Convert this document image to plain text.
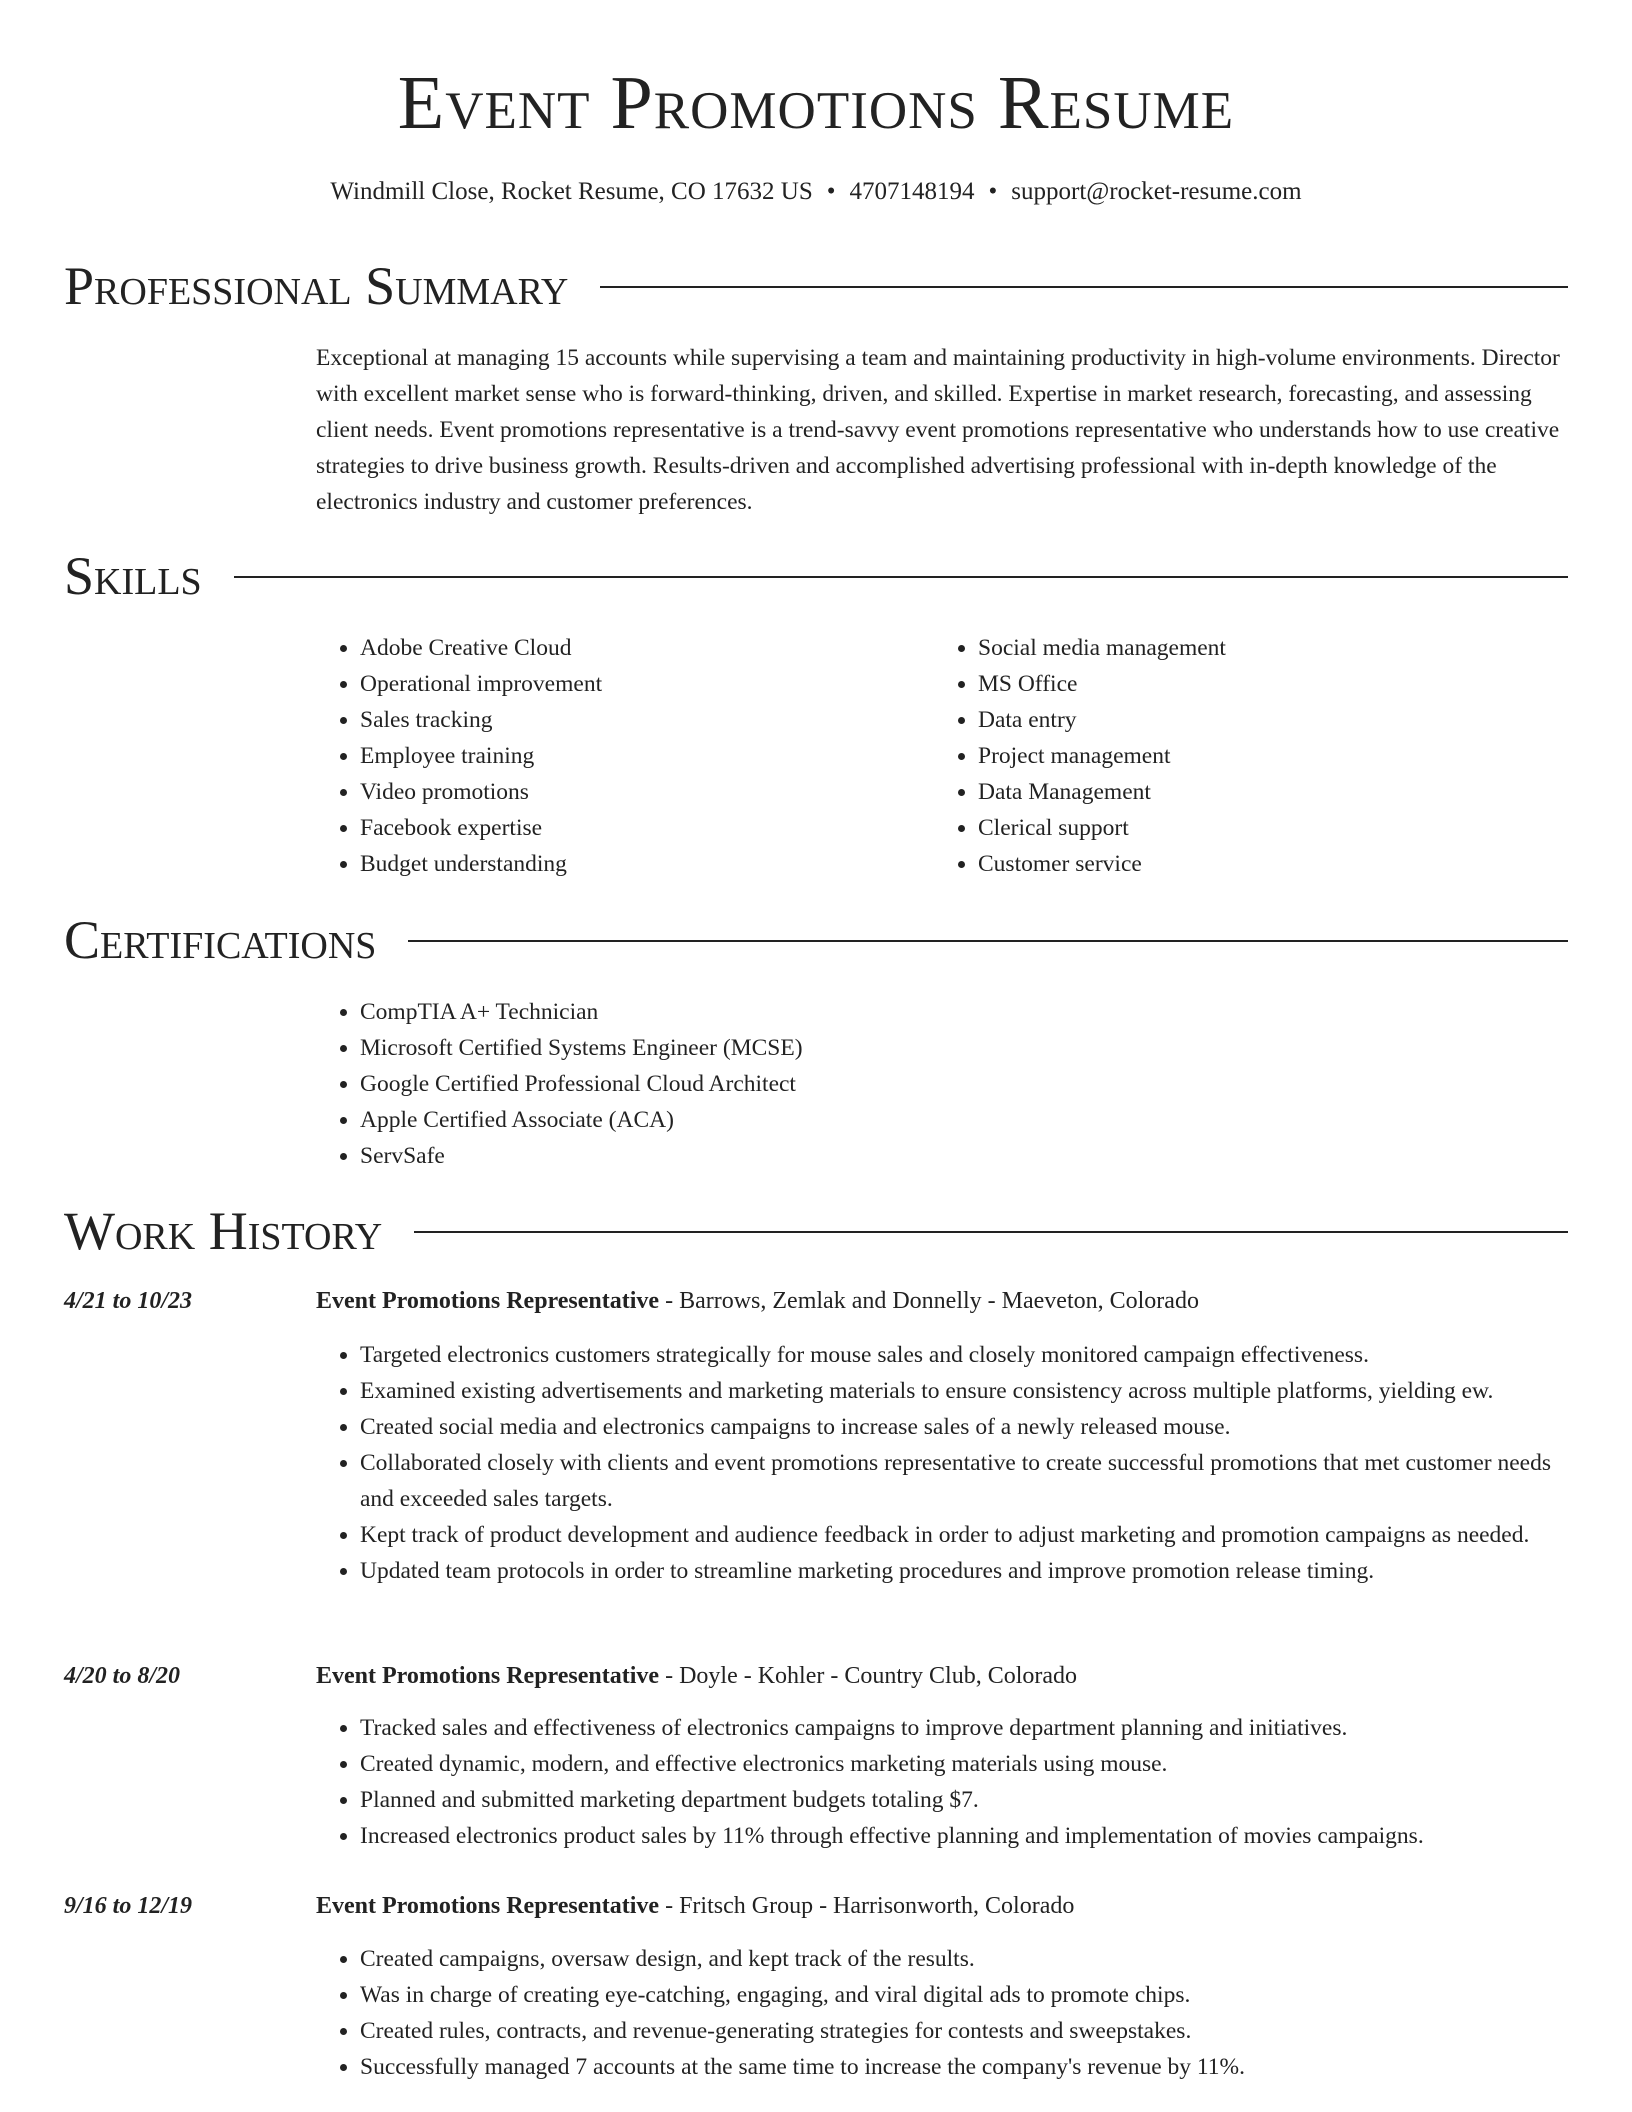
Event Promotions Resume
Windmill Close, Rocket Resume, CO 17632 US • 4707148194 • support@rocket-resume.com
Professional Summary
Exceptional at managing 15 accounts while supervising a team and maintaining productivity in high-volume environments. Director with excellent market sense who is forward-thinking, driven, and skilled. Expertise in market research, forecasting, and assessing client needs. Event promotions representative is a trend-savvy event promotions representative who understands how to use creative strategies to drive business growth. Results-driven and accomplished advertising professional with in-depth knowledge of the electronics industry and customer preferences.
Skills
• Adobe Creative Cloud
• Operational improvement
• Sales tracking
• Employee training
• Video promotions
• Facebook expertise
• Budget understanding
• Social media management
• MS Office
• Data entry
• Project management
• Data Management
• Clerical support
• Customer service
Certifications
• CompTIA A+ Technician
• Microsoft Certified Systems Engineer (MCSE)
• Google Certified Professional Cloud Architect
• Apple Certified Associate (ACA)
• ServSafe
Work History
4/21 to 10/23	Event Promotions Representative - Barrows, Zemlak and Donnelly - Maeveton, Colorado
• Targeted electronics customers strategically for mouse sales and closely monitored campaign effectiveness.
• Examined existing advertisements and marketing materials to ensure consistency across multiple platforms, yielding ew.
• Created social media and electronics campaigns to increase sales of a newly released mouse.
• Collaborated closely with clients and event promotions representative to create successful promotions that met customer needs and exceeded sales targets.
• Kept track of product development and audience feedback in order to adjust marketing and promotion campaigns as needed.
• Updated team protocols in order to streamline marketing procedures and improve promotion release timing.
4/20 to 8/20	Event Promotions Representative - Doyle - Kohler - Country Club, Colorado
• Tracked sales and effectiveness of electronics campaigns to improve department planning and initiatives.
• Created dynamic, modern, and effective electronics marketing materials using mouse.
• Planned and submitted marketing department budgets totaling $7.
• Increased electronics product sales by 11% through effective planning and implementation of movies campaigns.
9/16 to 12/19	Event Promotions Representative - Fritsch Group - Harrisonworth, Colorado
• Created campaigns, oversaw design, and kept track of the results.
• Was in charge of creating eye-catching, engaging, and viral digital ads to promote chips.
• Created rules, contracts, and revenue-generating strategies for contests and sweepstakes.
• Successfully managed 7 accounts at the same time to increase the company's revenue by 11%.
